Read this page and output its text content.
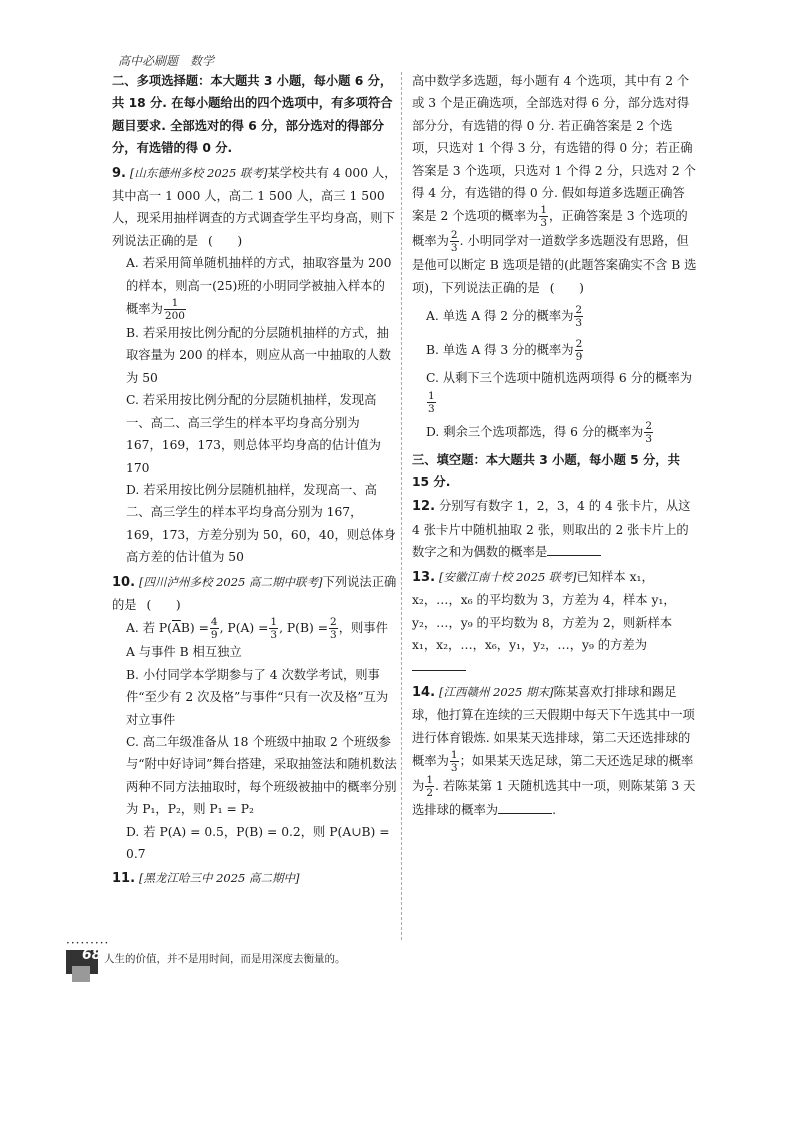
高中必刷题　数学
二、多项选择题：本大题共 3 小题，每小题 6 分，共 18 分. 在每小题给出的四个选项中，有多项符合题目要求. 全部选对的得 6 分，部分选对的得部分分，有选错的得 0 分.
9. [山东德州多校 2025 联考]某学校共有 4 000 人，其中高一 1 000 人，高二 1 500 人，高三 1 500 人，现采用抽样调查的方式调查学生平均身高，则下列说法正确的是 (　　)
A. 若采用简单随机抽样的方式，抽取容量为 200 的样本，则高一(25)班的小明同学被抽入样本的概率为 $\frac{1}{200}$
B. 若采用按比例分配的分层随机抽样的方式，抽取容量为 200 的样本，则应从高一中抽取的人数为 50
C. 若采用按比例分配的分层随机抽样，发现高一、高二、高三学生的样本平均身高分别为 167，169，173，则总体平均身高的估计值为 170
D. 若采用按比例分层随机抽样，发现高一、高二、高三学生的样本平均身高分别为 167，169，173，方差分别为 50，60，40，则总体身高方差的估计值为 50
10. [四川泸州多校 2025 高二期中联考]下列说法正确的是 (　　)
A. 若 $P(\overline{A}B) = \frac{4}{9}$ , $P(A) = \frac{1}{3}$ , $P(B) = \frac{2}{3}$ ，则事件 A 与事件 B 相互独立
B. 小付同学本学期参与了 4 次数学考试，则事件“至少有 2 次及格”与事件“只有一次及格”互为对立事件
C. 高二年级准备从 18 个班级中抽取 2 个班级参与“附中好诗词”舞台搭建，采取抽签法和随机数法两种不同方法抽取时，每个班级被抽中的概率分别为 P₁，P₂，则 P₁ = P₂
D. 若 P(A) = 0.5，P(B) = 0.2，则 P(A∪B) = 0.7
11. [黑龙江哈三中 2025 高二期中]
高中数学多选题，每小题有 4 个选项，其中有 2 个或 3 个是正确选项，全部选对得 6 分，部分选对得部分分，有选错的得 0 分. 若正确答案是 2 个选项，只选对 1 个得 3 分，有选错的得 0 分；若正确答案是 3 个选项，只选对 1 个得 2 分，只选对 2 个得 4 分，有选错的得 0 分. 假如每道多选题正确答案是 2 个选项的概率为 $\frac{1}{3}$ ，正确答案是 3 个选项的概率为 $\frac{2}{3}$ . 小明同学对一道数学多选题没有思路，但是他可以断定 B 选项是错的(此题答案确实不含 B 选项)，下列说法正确的是 (　　)
A. 单选 A 得 2 分的概率为 $\frac{2}{3}$
B. 单选 A 得 3 分的概率为 $\frac{2}{9}$
C. 从剩下三个选项中随机选两项得 6 分的概率为
$\frac{1}{3}$
D. 剩余三个选项都选，得 6 分的概率为 $\frac{2}{3}$
三、填空题：本大题共 3 小题，每小题 5 分，共 15 分.
12. 分别写有数字 1，2，3，4 的 4 张卡片，从这 4 张卡片中随机抽取 2 张，则取出的 2 张卡片上的数字之和为偶数的概率是
13. [安徽江南十校 2025 联考]已知样本 x₁，x₂，…，x₆ 的平均数为 3，方差为 4，样本 y₁，y₂，…，y₉ 的平均数为 8，方差为 2，则新样本 x₁，x₂，…，x₆，y₁，y₂，…，y₉ 的方差为
14. [江西赣州 2025 期末]陈某喜欢打排球和踢足球，他打算在连续的三天假期中每天下午选其中一项进行体育锻炼. 如果某天选排球，第二天还选排球的概率为 $\frac{1}{3}$ ；如果某天选足球，第二天还选足球的概率为 $\frac{1}{2}$ . 若陈某第 1 天随机选其中一项，则陈某第 3 天选排球的概率为	.
·········
68 人生的价值，并不是用时间，而是用深度去衡量的。
